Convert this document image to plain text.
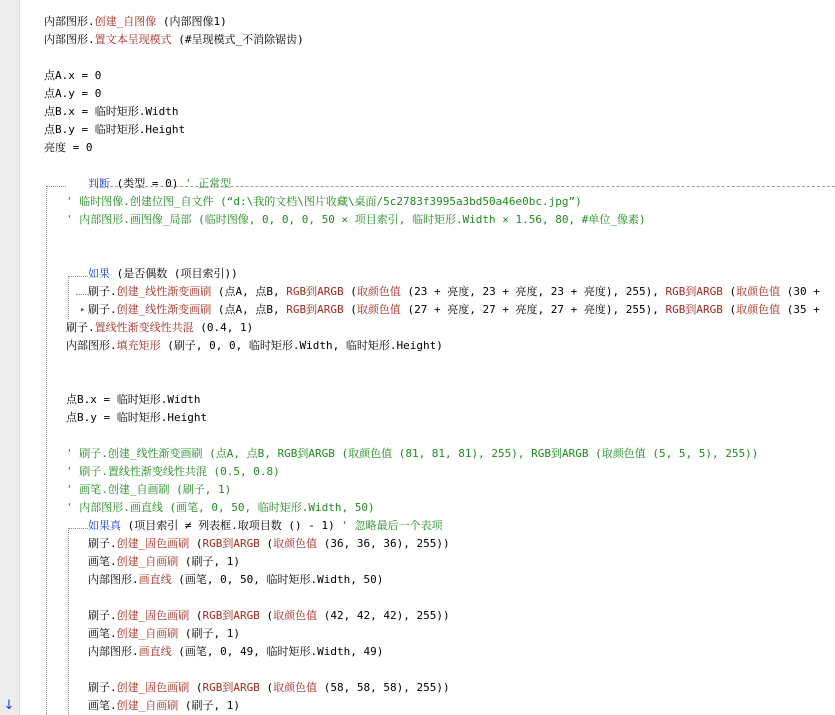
↓
▸
内部图形.创建_自图像 (内部图像1)
内部图形.置文本呈现模式 (#呈现模式_不消除锯齿)
点A.x = 0
点A.y = 0
点B.x = 临时矩形.Width
点B.y = 临时矩形.Height
亮度 = 0
判断 (类型 = 0) ' 正常型
' 临时图像.创建位图_自文件 (“d:\我的文档\图片收藏\桌面/5c2783f3995a3bd50a46e0bc.jpg”)
' 内部图形.画图像_局部 (临时图像, 0, 0, 0, 50 × 项目索引, 临时矩形.Width × 1.56, 80, #单位_像素)
如果 (是否偶数 (项目索引))
刷子.创建_线性渐变画刷 (点A, 点B, RGB到ARGB (取颜色值 (23 + 亮度, 23 + 亮度, 23 + 亮度), 255), RGB到ARGB (取颜色值 (30 +
刷子.创建_线性渐变画刷 (点A, 点B, RGB到ARGB (取颜色值 (27 + 亮度, 27 + 亮度, 27 + 亮度), 255), RGB到ARGB (取颜色值 (35 +
刷子.置线性渐变线性共混 (0.4, 1)
内部图形.填充矩形 (刷子, 0, 0, 临时矩形.Width, 临时矩形.Height)
点B.x = 临时矩形.Width
点B.y = 临时矩形.Height
' 刷子.创建_线性渐变画刷 (点A, 点B, RGB到ARGB (取颜色值 (81, 81, 81), 255), RGB到ARGB (取颜色值 (5, 5, 5), 255))
' 刷子.置线性渐变线性共混 (0.5, 0.8)
' 画笔.创建_自画刷 (刷子, 1)
' 内部图形.画直线 (画笔, 0, 50, 临时矩形.Width, 50)
如果真 (项目索引 ≠ 列表框.取项目数 () - 1) ' 忽略最后一个表项
刷子.创建_固色画刷 (RGB到ARGB (取颜色值 (36, 36, 36), 255))
画笔.创建_自画刷 (刷子, 1)
内部图形.画直线 (画笔, 0, 50, 临时矩形.Width, 50)
刷子.创建_固色画刷 (RGB到ARGB (取颜色值 (42, 42, 42), 255))
画笔.创建_自画刷 (刷子, 1)
内部图形.画直线 (画笔, 0, 49, 临时矩形.Width, 49)
刷子.创建_固色画刷 (RGB到ARGB (取颜色值 (58, 58, 58), 255))
画笔.创建_自画刷 (刷子, 1)
